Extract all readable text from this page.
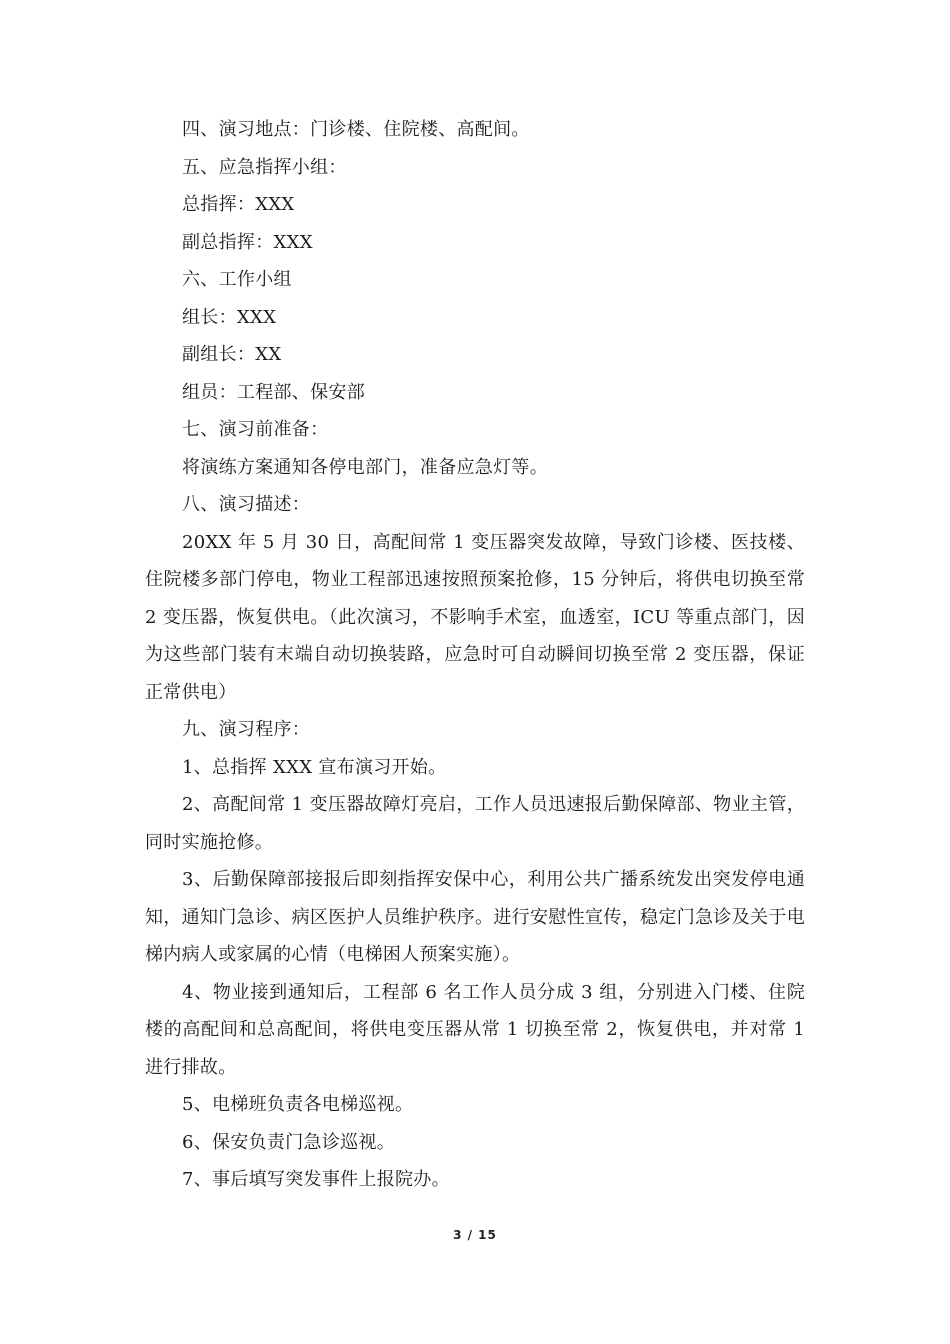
四、演习地点：门诊楼、住院楼、高配间。

五、应急指挥小组：

总指挥：XXX

副总指挥：XXX

六、工作小组

组长：XXX

副组长：XX

组员：工程部、保安部

七、演习前准备：

将演练方案通知各停电部门，准备应急灯等。

八、演习描述：

20XX 年 5 月 30 日，高配间常 1 变压器突发故障，导致门诊楼、医技楼、住院楼多部门停电，物业工程部迅速按照预案抢修，15 分钟后，将供电切换至常 2 变压器，恢复供电。（此次演习，不影响手术室，血透室，ICU 等重点部门，因为这些部门装有末端自动切换装路，应急时可自动瞬间切换至常 2 变压器，保证正常供电）

九、演习程序：

1、总指挥 XXX 宣布演习开始。

2、高配间常 1 变压器故障灯亮启，工作人员迅速报后勤保障部、物业主管，同时实施抢修。

3、后勤保障部接报后即刻指挥安保中心，利用公共广播系统发出突发停电通知，通知门急诊、病区医护人员维护秩序。进行安慰性宣传，稳定门急诊及关于电梯内病人或家属的心情（电梯困人预案实施）。

4、物业接到通知后，工程部 6 名工作人员分成 3 组，分别进入门楼、住院楼的高配间和总高配间，将供电变压器从常 1 切换至常 2，恢复供电，并对常 1 进行排故。

5、电梯班负责各电梯巡视。

6、保安负责门急诊巡视。

7、事后填写突发事件上报院办。

3 / 15
